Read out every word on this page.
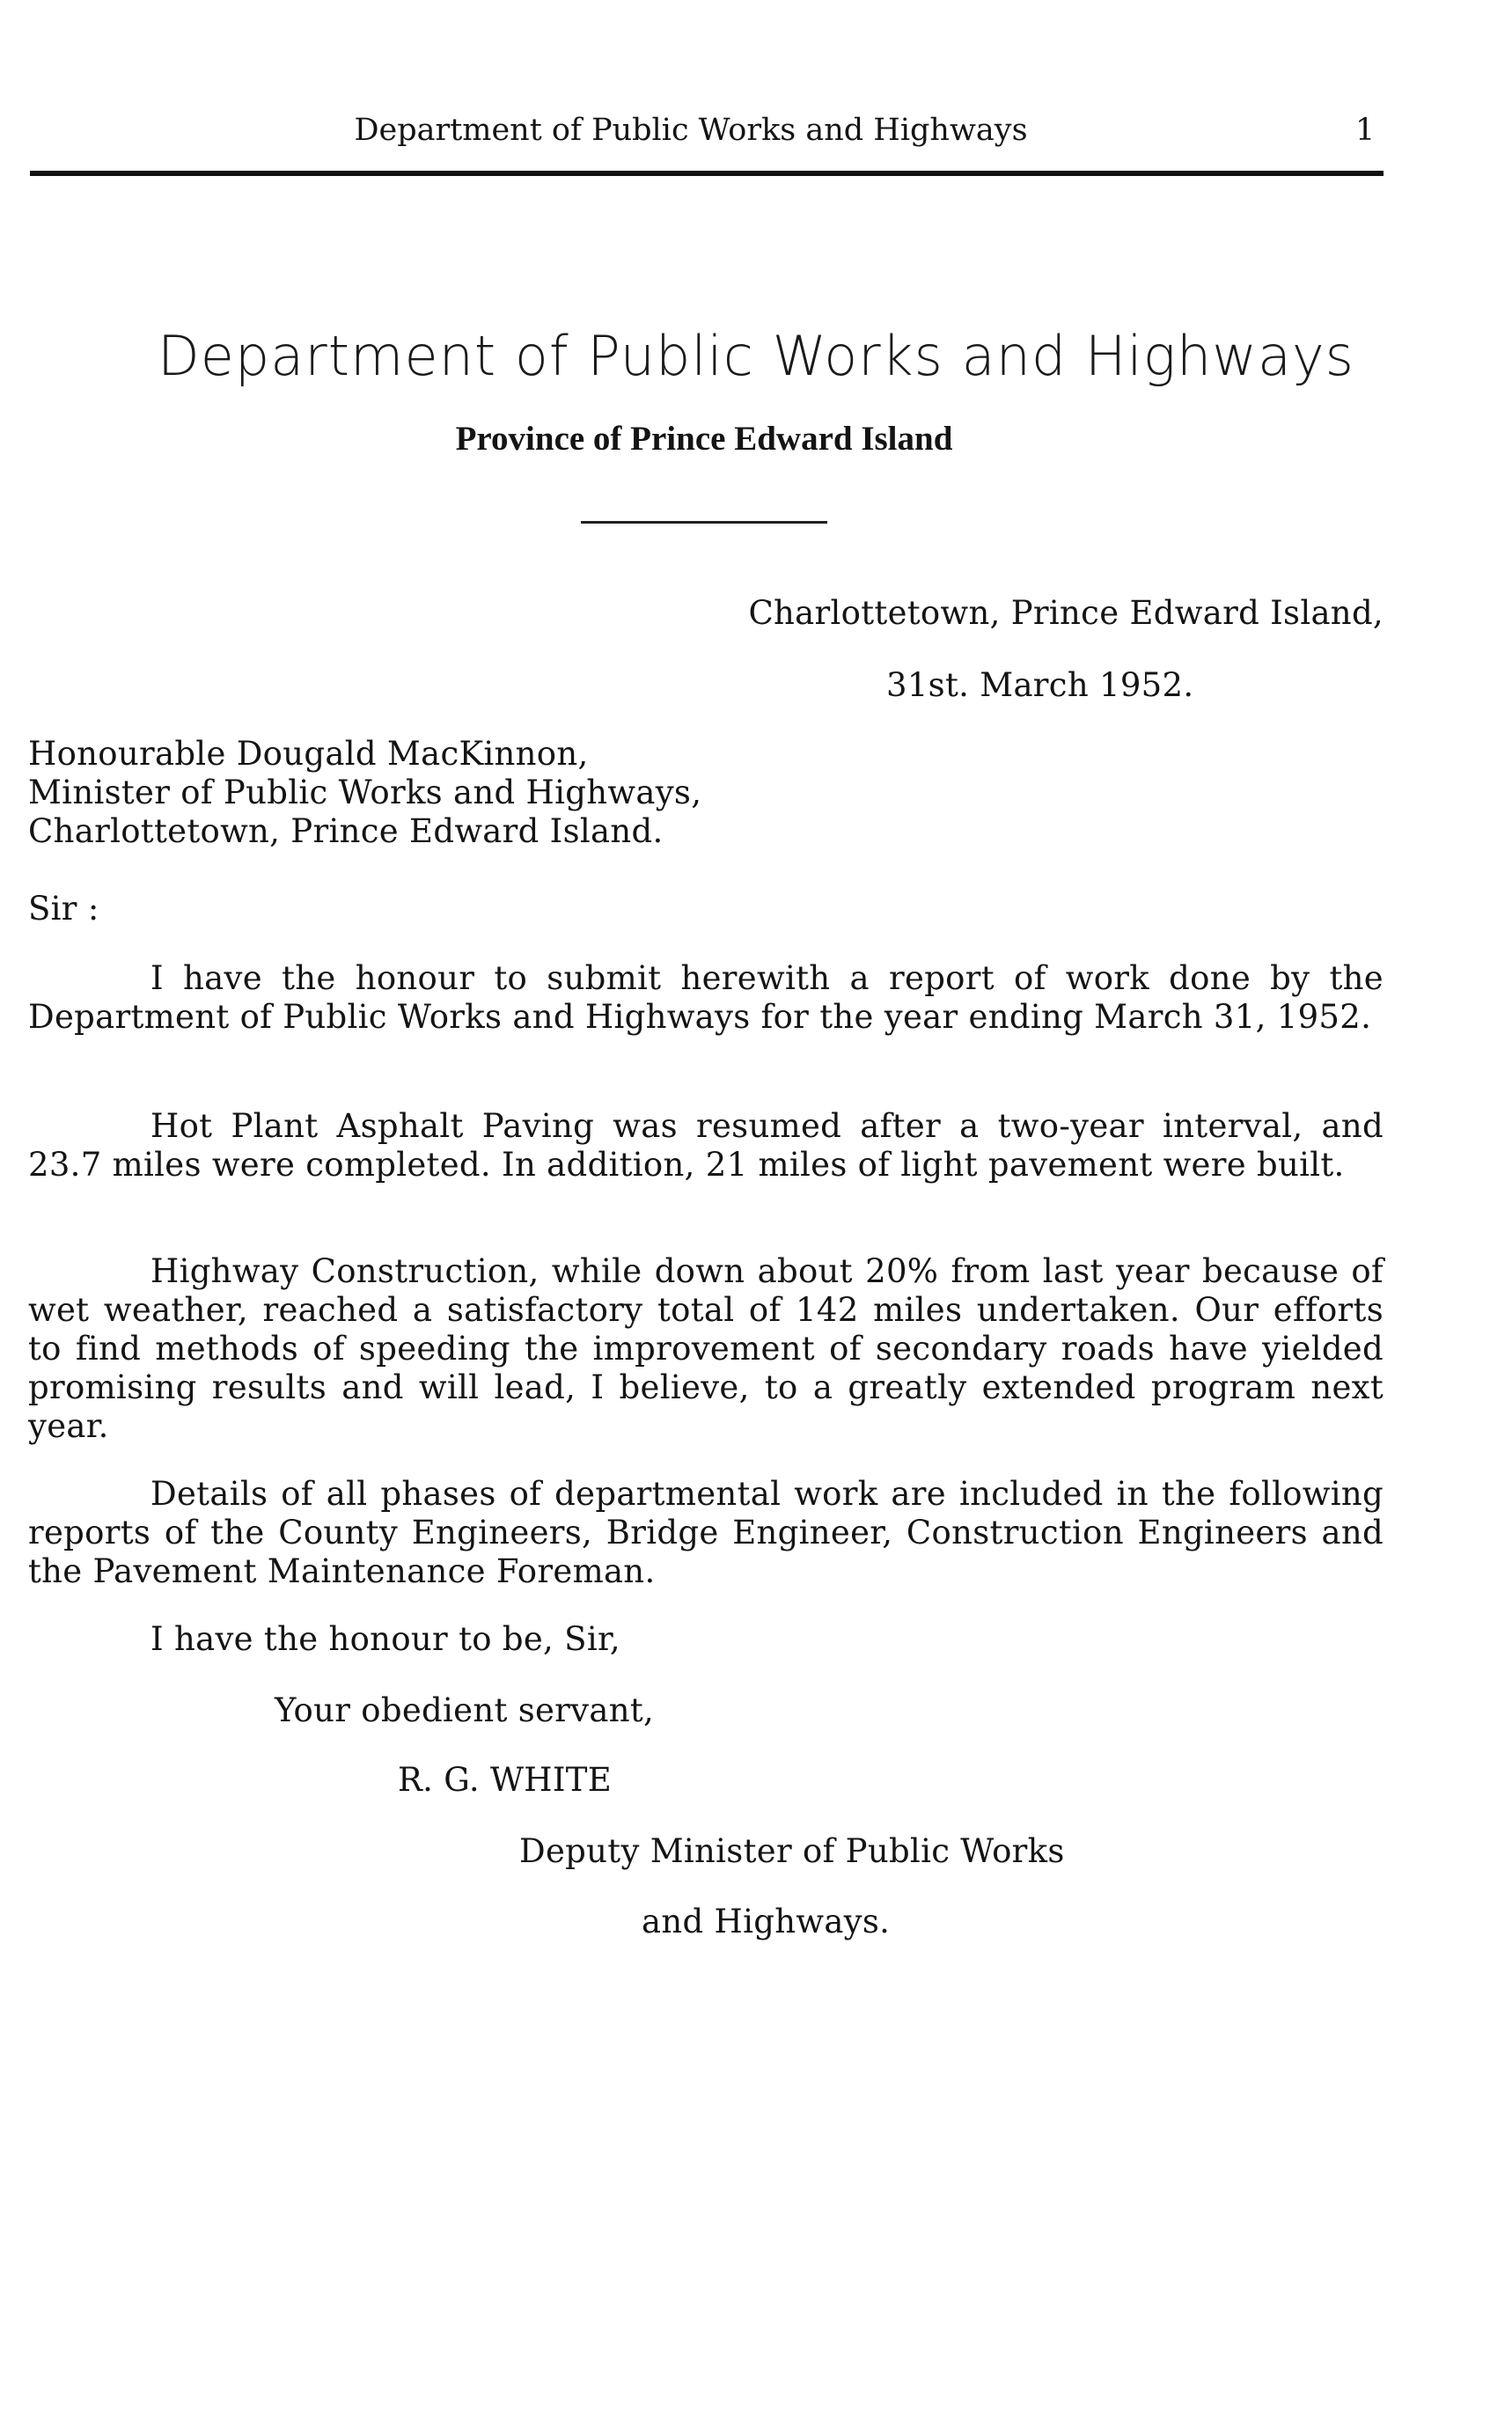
Department of Public Works and Highways	1
Department of Public Works and Highways
Province of Prince Edward Island
Charlottetown, Prince Edward Island,
31st. March 1952.
Honourable Dougald MacKinnon,
Minister of Public Works and Highways,
Charlottetown, Prince Edward Island.
Sir :

I have the honour to submit herewith a report of work done by the Department of Public Works and Highways for the year ending March 31, 1952.

Hot Plant Asphalt Paving was resumed after a two-year interval, and 23.7 miles were completed. In addition, 21 miles of light pavement were built.

Highway Construction, while down about 20% from last year because of wet weather, reached a satisfactory total of 142 miles undertaken. Our efforts to find methods of speeding the improvement of secondary roads have yielded promising results and will lead, I believe, to a greatly extended program next year.

Details of all phases of departmental work are included in the following reports of the County Engineers, Bridge Engineer, Construction Engineers and the Pavement Maintenance Foreman.

I have the honour to be, Sir,
Your obedient servant,
R. G. WHITE
Deputy Minister of Public Works
and Highways.
